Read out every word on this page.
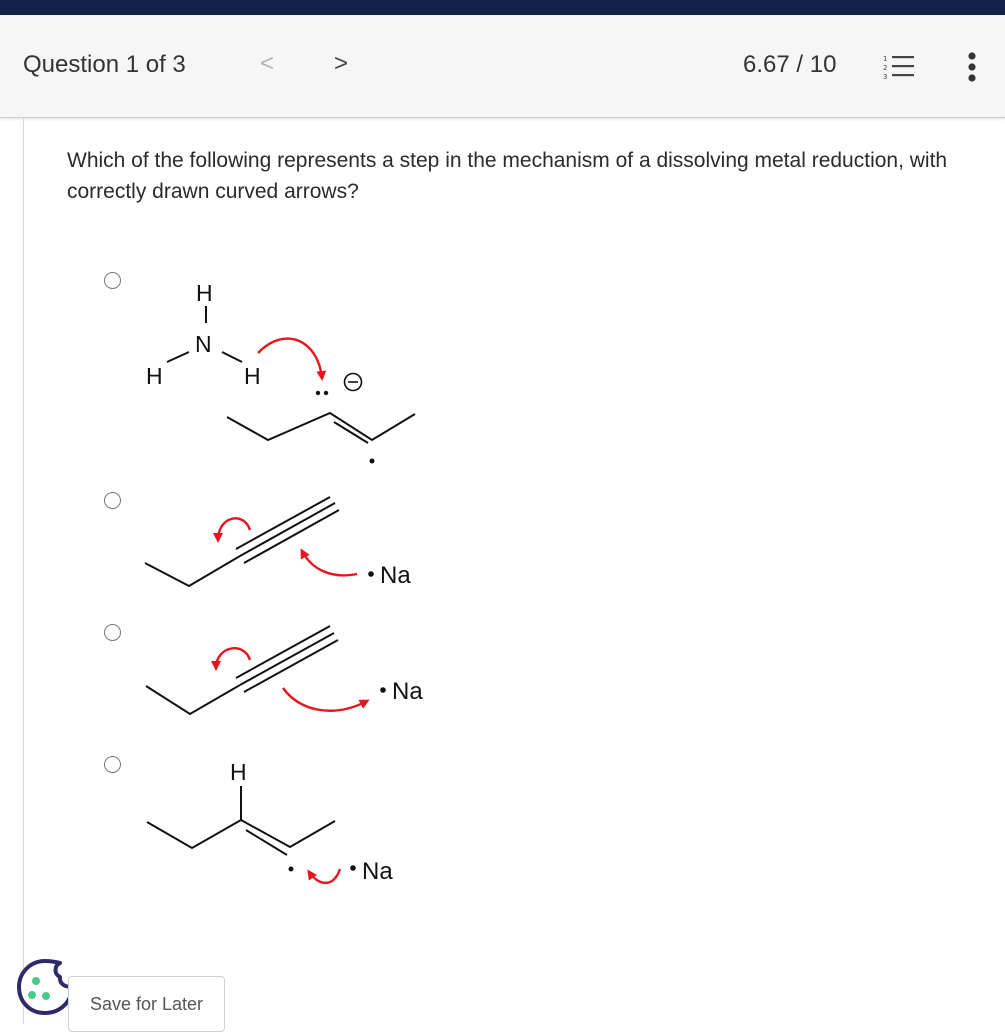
Question 1 of 3	< >	6.67 / 10	1
2
3
Which of the following represents a step in the mechanism of a dissolving metal reduction, with correctly drawn curved arrows?
H
N
H	H
Na
Na
H
Na
Save for Later
